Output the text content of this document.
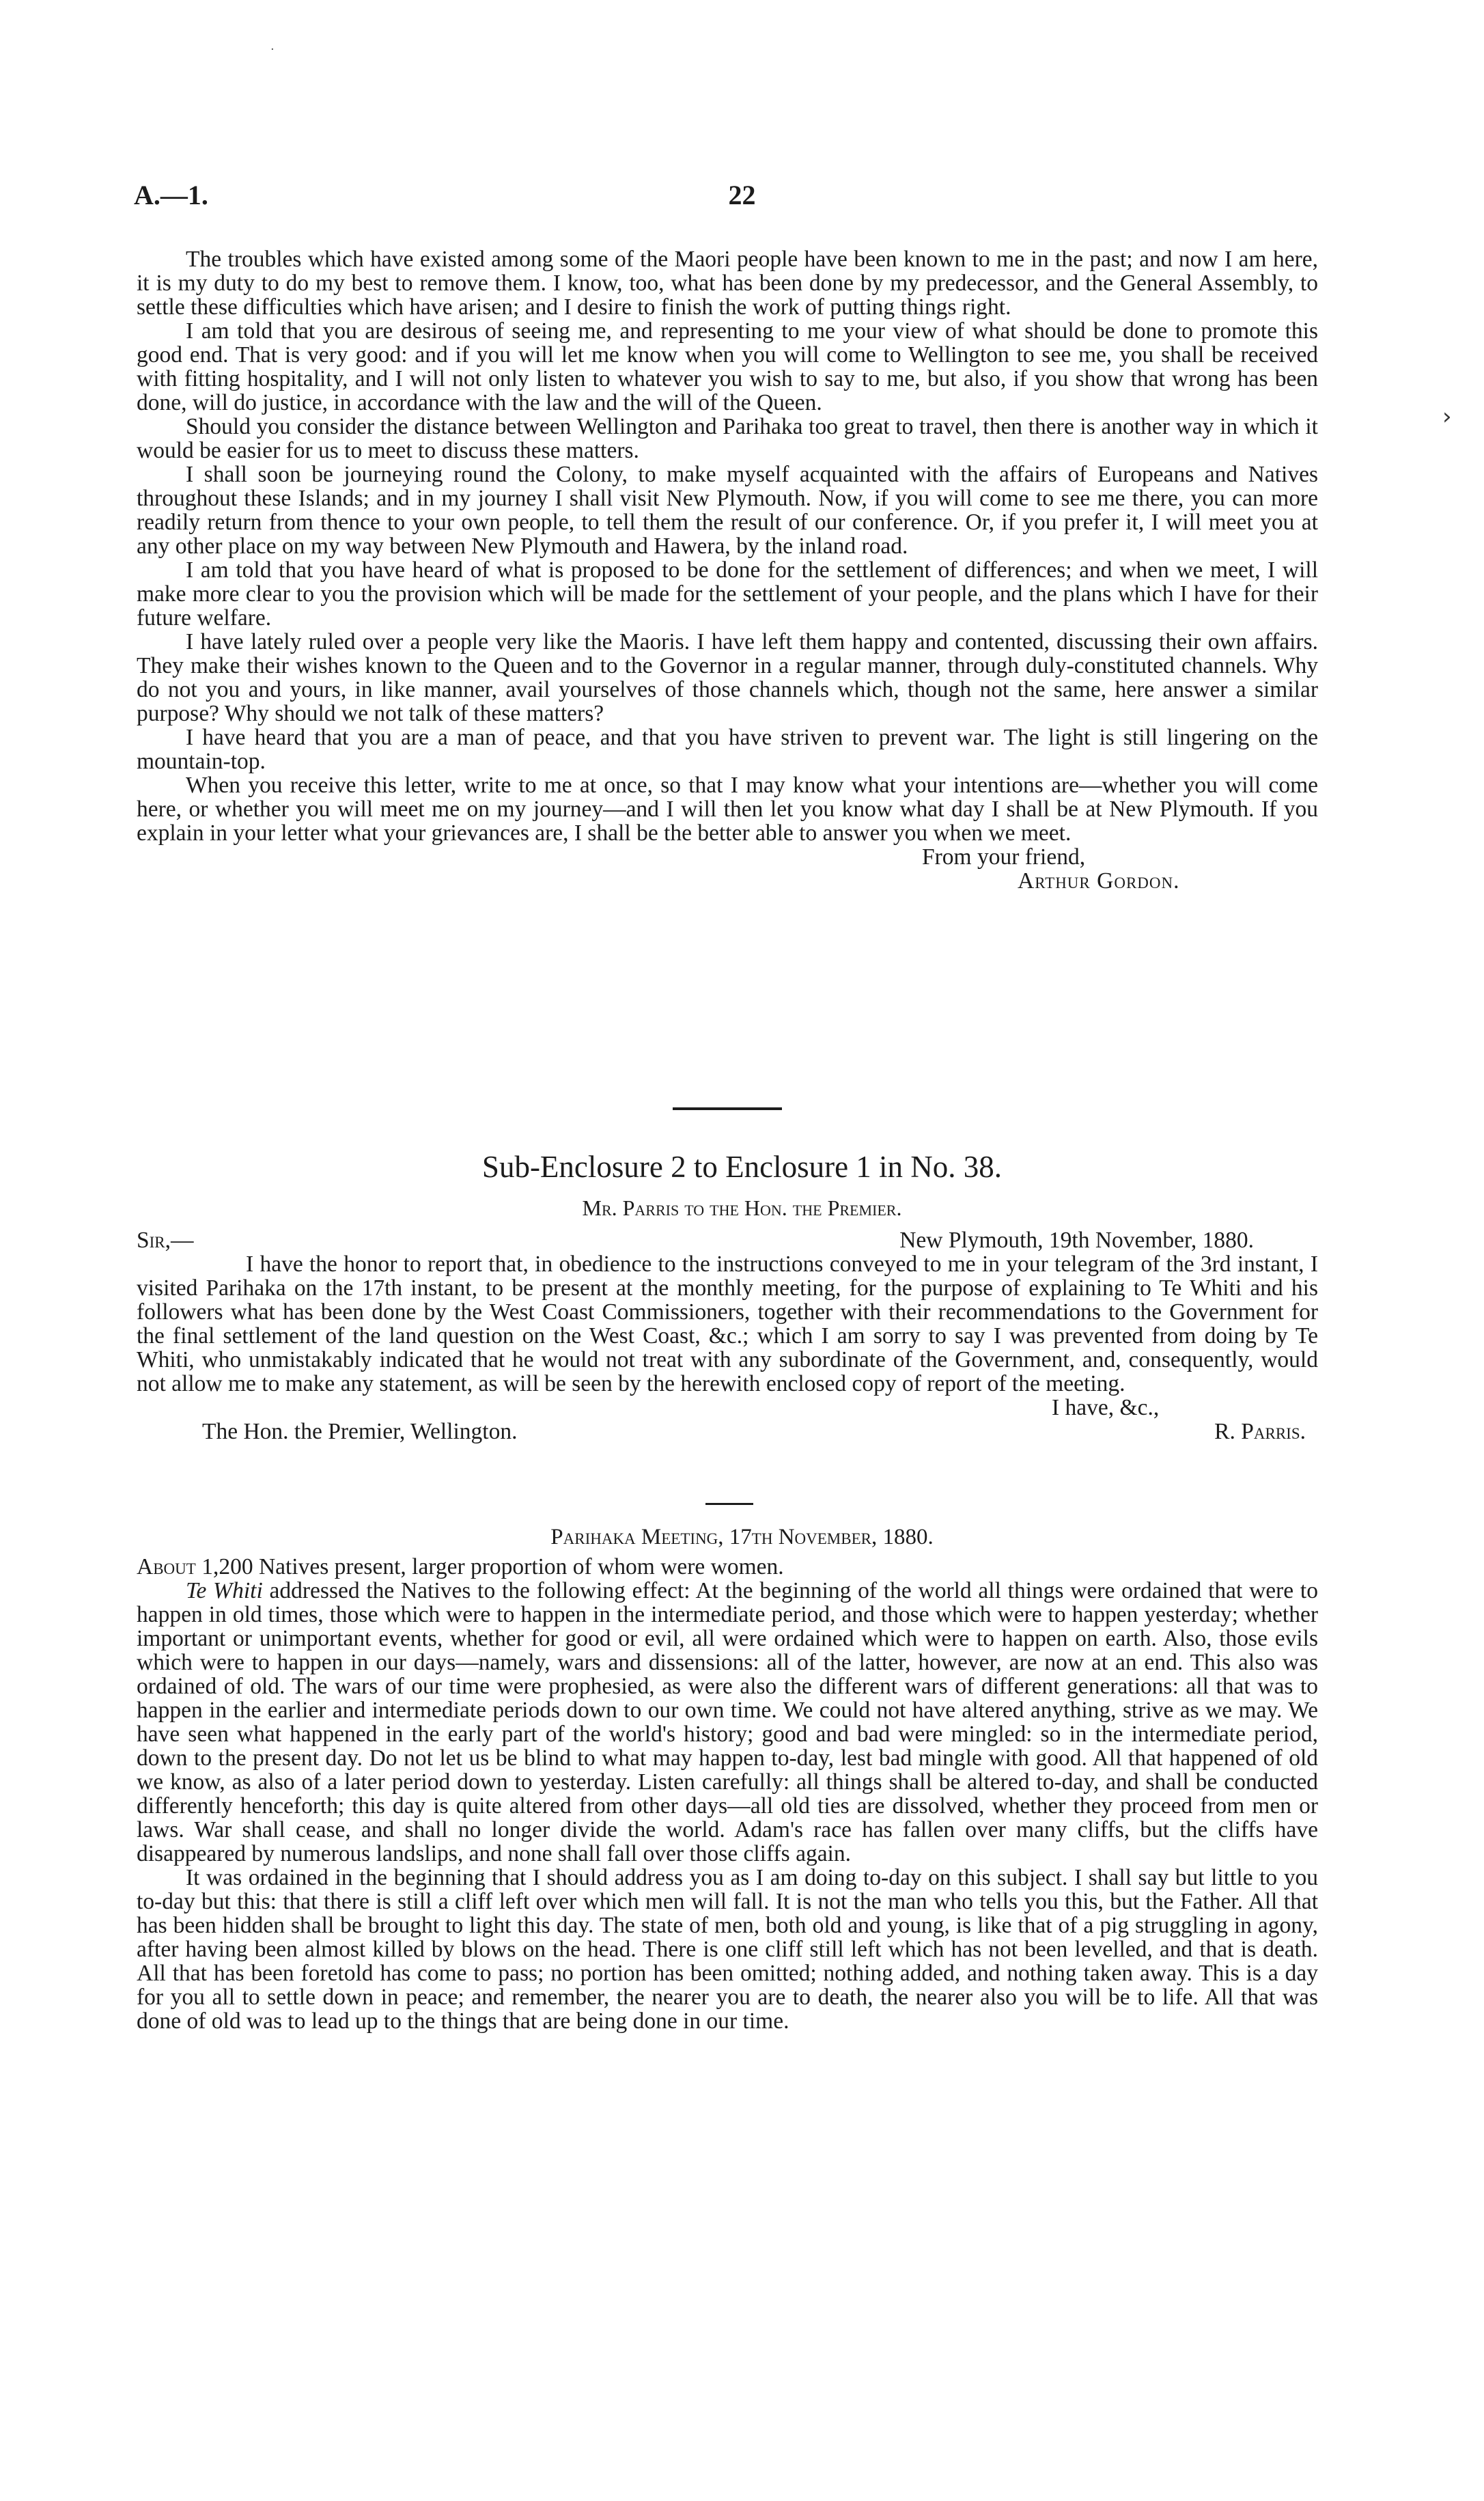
A.—1.	22
·
›

The troubles which have existed among some of the Maori people have been known to me in the past; and now I am here, it is my duty to do my best to remove them. I know, too, what has been done by my predecessor, and the General Assembly, to settle these difficulties which have arisen; and I desire to finish the work of putting things right.

I am told that you are desirous of seeing me, and representing to me your view of what should be done to promote this good end. That is very good: and if you will let me know when you will come to Wellington to see me, you shall be received with fitting hospitality, and I will not only listen to whatever you wish to say to me, but also, if you show that wrong has been done, will do justice, in accordance with the law and the will of the Queen.

Should you consider the distance between Wellington and Parihaka too great to travel, then there is another way in which it would be easier for us to meet to discuss these matters.

I shall soon be journeying round the Colony, to make myself acquainted with the affairs of Europeans and Natives throughout these Islands; and in my journey I shall visit New Plymouth. Now, if you will come to see me there, you can more readily return from thence to your own people, to tell them the result of our conference. Or, if you prefer it, I will meet you at any other place on my way between New Plymouth and Hawera, by the inland road.

I am told that you have heard of what is proposed to be done for the settlement of differences; and when we meet, I will make more clear to you the provision which will be made for the settlement of your people, and the plans which I have for their future welfare.

I have lately ruled over a people very like the Maoris. I have left them happy and contented, discussing their own affairs. They make their wishes known to the Queen and to the Governor in a regular manner, through duly-constituted channels. Why do not you and yours, in like manner, avail yourselves of those channels which, though not the same, here answer a similar purpose? Why should we not talk of these matters?

I have heard that you are a man of peace, and that you have striven to prevent war. The light is still lingering on the mountain-top.

When you receive this letter, write to me at once, so that I may know what your intentions are—whether you will come here, or whether you will meet me on my journey—and I will then let you know what day I shall be at New Plymouth. If you explain in your letter what your grievances are, I shall be the better able to answer you when we meet.

From your friend,
Arthur Gordon.
Sub-Enclosure 2 to Enclosure 1 in No. 38.
Mr. Parris to the Hon. the Premier.
Sir,—	New Plymouth, 19th November, 1880.

I have the honor to report that, in obedience to the instructions conveyed to me in your telegram of the 3rd instant, I visited Parihaka on the 17th instant, to be present at the monthly meeting, for the purpose of explaining to Te Whiti and his followers what has been done by the West Coast Commissioners, together with their recommendations to the Government for the final settlement of the land question on the West Coast, &c.; which I am sorry to say I was prevented from doing by Te Whiti, who unmistakably indicated that he would not treat with any subordinate of the Government, and, consequently, would not allow me to make any statement, as will be seen by the herewith enclosed copy of report of the meeting.

I have, &c.,
The Hon. the Premier, Wellington.	R. Parris.
Parihaka Meeting, 17th November, 1880.

About 1,200 Natives present, larger proportion of whom were women.

Te Whiti addressed the Natives to the following effect: At the beginning of the world all things were ordained that were to happen in old times, those which were to happen in the intermediate period, and those which were to happen yesterday; whether important or unimportant events, whether for good or evil, all were ordained which were to happen on earth. Also, those evils which were to happen in our days—namely, wars and dissensions: all of the latter, however, are now at an end. This also was ordained of old. The wars of our time were prophesied, as were also the different wars of different generations: all that was to happen in the earlier and intermediate periods down to our own time. We could not have altered anything, strive as we may. We have seen what happened in the early part of the world's history; good and bad were mingled: so in the intermediate period, down to the present day. Do not let us be blind to what may happen to-day, lest bad mingle with good. All that happened of old we know, as also of a later period down to yesterday. Listen carefully: all things shall be altered to-day, and shall be conducted differently henceforth; this day is quite altered from other days—all old ties are dissolved, whether they proceed from men or laws. War shall cease, and shall no longer divide the world. Adam's race has fallen over many cliffs, but the cliffs have disappeared by numerous landslips, and none shall fall over those cliffs again.

It was ordained in the beginning that I should address you as I am doing to-day on this subject. I shall say but little to you to-day but this: that there is still a cliff left over which men will fall. It is not the man who tells you this, but the Father. All that has been hidden shall be brought to light this day. The state of men, both old and young, is like that of a pig struggling in agony, after having been almost killed by blows on the head. There is one cliff still left which has not been levelled, and that is death. All that has been foretold has come to pass; no portion has been omitted; nothing added, and nothing taken away. This is a day for you all to settle down in peace; and remember, the nearer you are to death, the nearer also you will be to life. All that was done of old was to lead up to the things that are being done in our time.
